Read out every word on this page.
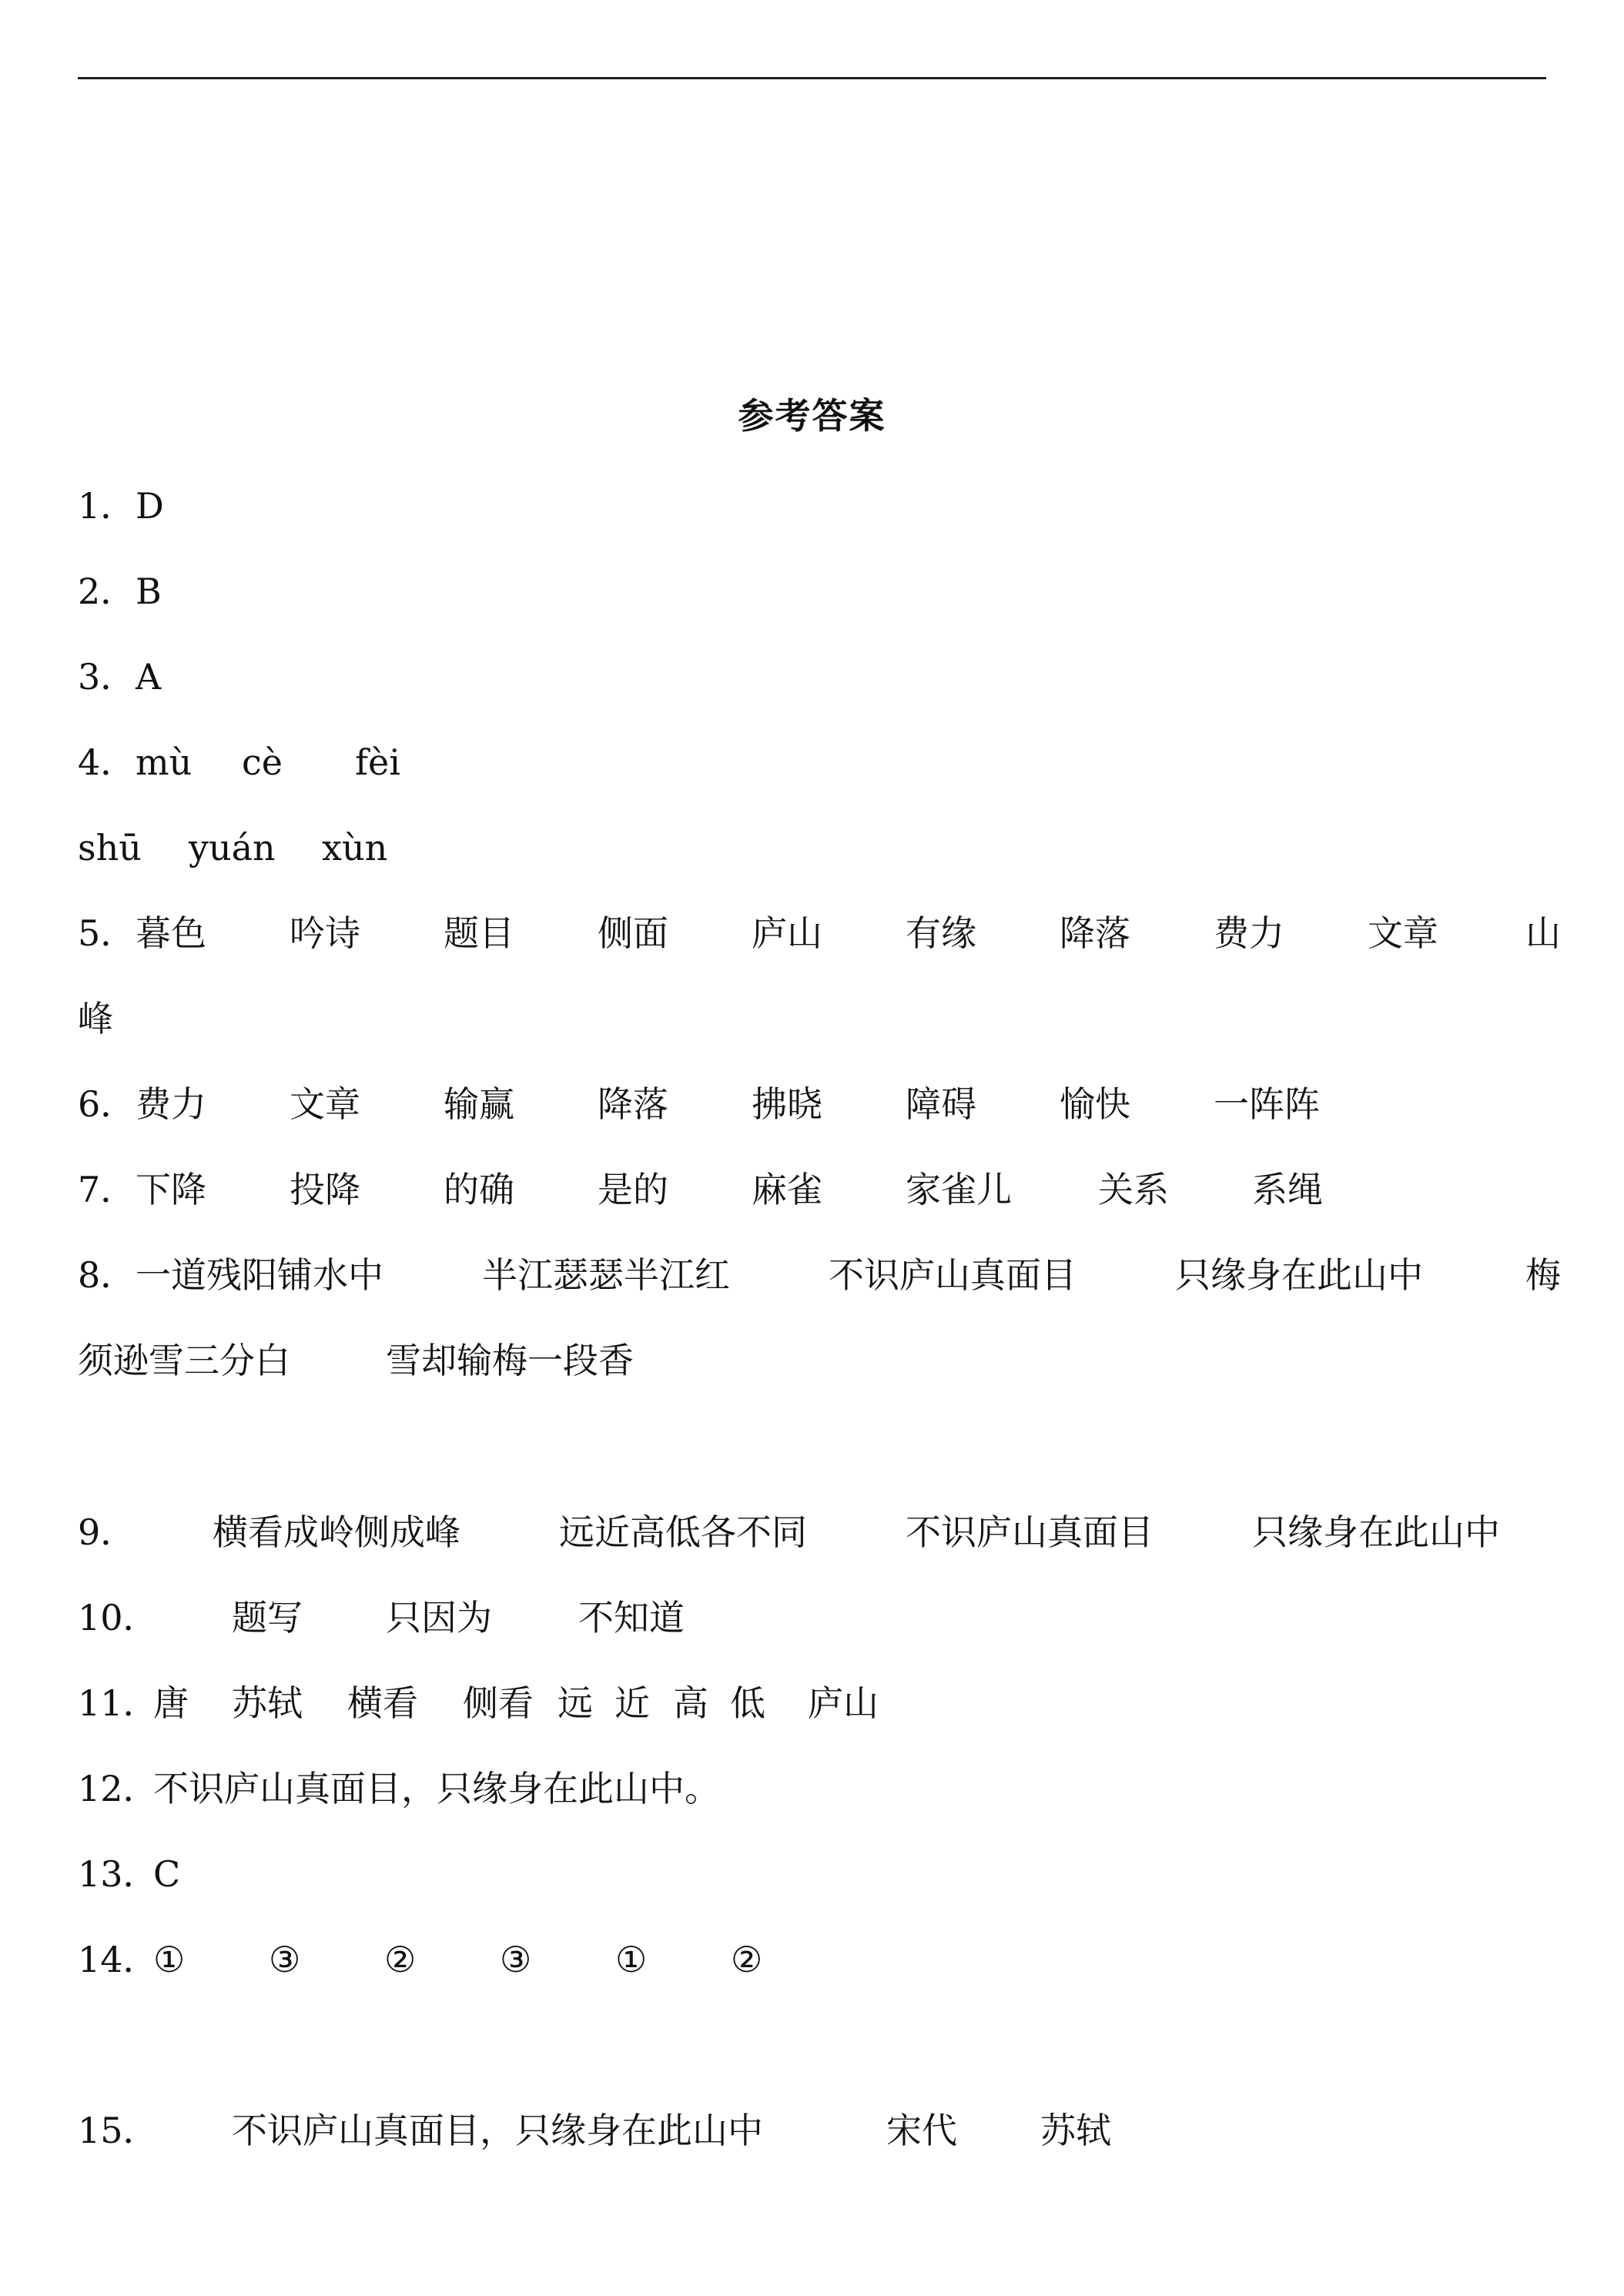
参考答案
1． D
2． B
3． A
4． mù cè fèi
shū yuán xùn
5． 暮色 吟诗 题目 侧面 庐山 有缘 降落 费力 文章 山
峰
6． 费力 文章 输赢 降落 拂晓 障碍 愉快 一阵阵
7． 下降 投降 的确 是的 麻雀 家雀儿 关系 系绳
8． 一道残阳铺水中	半江瑟瑟半江红	不识庐山真面目	只缘身在此山中	梅
须逊雪三分白	雪却输梅一段香
9． 横看成岭侧成峰	远近高低各不同	不识庐山真面目	只缘身在此山中
10． 题写 只因为 不知道
11．
唐 苏轼 横看 侧看 远 近 高 低 庐山
12．
不识庐山真面目，只缘身在此山中。
13．
C
14．
① ③ ② ③ ① ②
15． 不识庐山真面目，只缘身在此山中	宋代 苏轼
